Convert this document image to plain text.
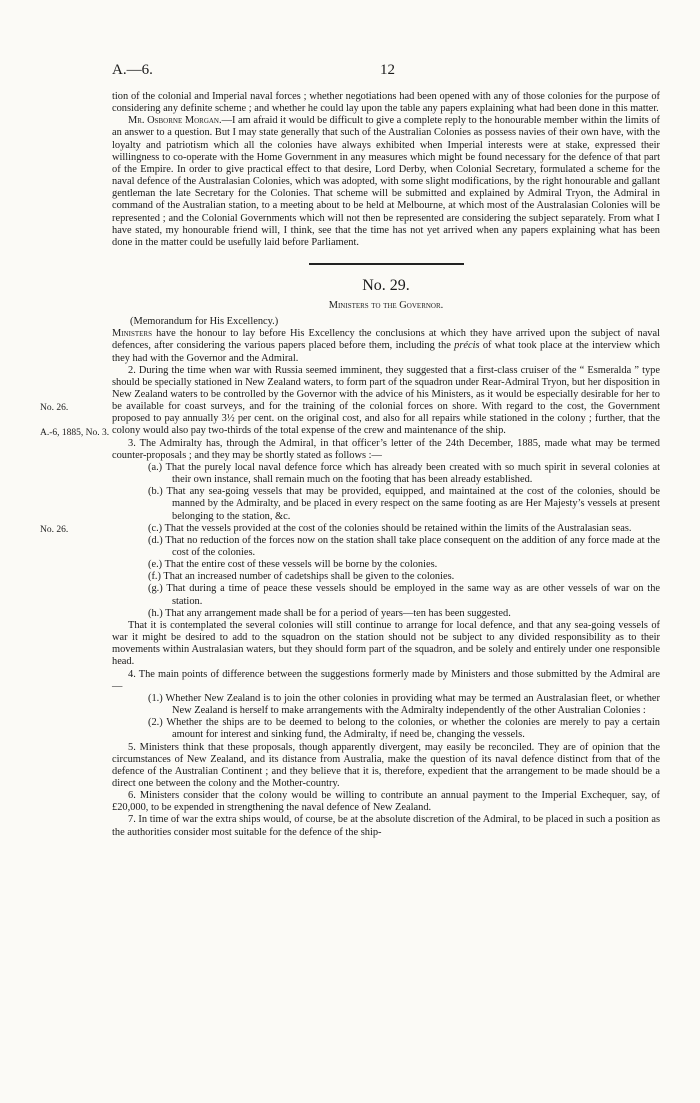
A.—6.	12
No. 26.
A.-6, 1885, No. 3.
No. 26.

tion of the colonial and Imperial naval forces ; whether negotiations had been opened with any of those colonies for the purpose of considering any definite scheme ; and whether he could lay upon the table any papers explaining what had been done in this matter.

Mr. Osborne Morgan.—I am afraid it would be difficult to give a complete reply to the honourable member within the limits of an answer to a question. But I may state generally that such of the Australian Colonies as possess navies of their own have, with the loyalty and patriotism which all the colonies have always exhibited when Imperial interests were at stake, expressed their willingness to co-operate with the Home Government in any measures which might be found necessary for the defence of that part of the Empire. In order to give practical effect to that desire, Lord Derby, when Colonial Secretary, formulated a scheme for the naval defence of the Australasian Colonies, which was adopted, with some slight modifications, by the right honourable and gallant gentleman the late Secretary for the Colonies. That scheme will be submitted and explained by Admiral Tryon, the Admiral in command of the Australian station, to a meeting about to be held at Melbourne, at which most of the Australasian Colonies will be represented ; and the Colonial Governments which will not then be represented are considering the subject separately. From what I have stated, my honourable friend will, I think, see that the time has not yet arrived when any papers explaining what has been done in the matter could be usefully laid before Parliament.

No. 29.
Ministers to the Governor.

(Memorandum for His Excellency.)

Ministers have the honour to lay before His Excellency the conclusions at which they have arrived upon the subject of naval defences, after considering the various papers placed before them, including the précis of what took place at the interview which they had with the Governor and the Admiral.

2. During the time when war with Russia seemed imminent, they suggested that a first-class cruiser of the “ Esmeralda ” type should be specially stationed in New Zealand waters, to form part of the squadron under Rear-Admiral Tryon, but her disposition in New Zealand waters to be controlled by the Governor with the advice of his Ministers, as it would be especially desirable for her to be available for coast surveys, and for the training of the colonial forces on shore. With regard to the cost, the Government proposed to pay annually 3½ per cent. on the original cost, and also for all repairs while stationed in the colony ; further, that the colony would also pay two-thirds of the total expense of the crew and maintenance of the ship.

3. The Admiralty has, through the Admiral, in that officer’s letter of the 24th December, 1885, made what may be termed counter-proposals ; and they may be shortly stated as follows :—

(a.) That the purely local naval defence force which has already been created with so much spirit in several colonies at their own instance, shall remain much on the footing that has been already established.
(b.) That any sea-going vessels that may be provided, equipped, and maintained at the cost of the colonies, should be manned by the Admiralty, and be placed in every respect on the same footing as are Her Majesty’s vessels at present belonging to the station, &c.
(c.) That the vessels provided at the cost of the colonies should be retained within the limits of the Australasian seas.
(d.) That no reduction of the forces now on the station shall take place consequent on the addition of any force made at the cost of the colonies.
(e.) That the entire cost of these vessels will be borne by the colonies.
(f.) That an increased number of cadetships shall be given to the colonies.
(g.) That during a time of peace these vessels should be employed in the same way as are other vessels of war on the station.
(h.) That any arrangement made shall be for a period of years—ten has been suggested.

That it is contemplated the several colonies will still continue to arrange for local defence, and that any sea-going vessels of war it might be desired to add to the squadron on the station should not be subject to any divided responsibility as to their movements within Australasian waters, but they should form part of the squadron, and be solely and entirely under one responsible head.

4. The main points of difference between the suggestions formerly made by Ministers and those submitted by the Admiral are—

(1.) Whether New Zealand is to join the other colonies in providing what may be termed an Australasian fleet, or whether New Zealand is herself to make arrangements with the Admiralty independently of the other Australian Colonies :
(2.) Whether the ships are to be deemed to belong to the colonies, or whether the colonies are merely to pay a certain amount for interest and sinking fund, the Admiralty, if need be, changing the vessels.

5. Ministers think that these proposals, though apparently divergent, may easily be reconciled. They are of opinion that the circumstances of New Zealand, and its distance from Australia, make the question of its naval defence distinct from that of the defence of the Australian Continent ; and they believe that it is, therefore, expedient that the arrangement to be made should be a direct one between the colony and the Mother-country.

6. Ministers consider that the colony would be willing to contribute an annual payment to the Imperial Exchequer, say, of £20,000, to be expended in strengthening the naval defence of New Zealand.

7. In time of war the extra ships would, of course, be at the absolute discretion of the Admiral, to be placed in such a position as the authorities consider most suitable for the defence of the ship-
